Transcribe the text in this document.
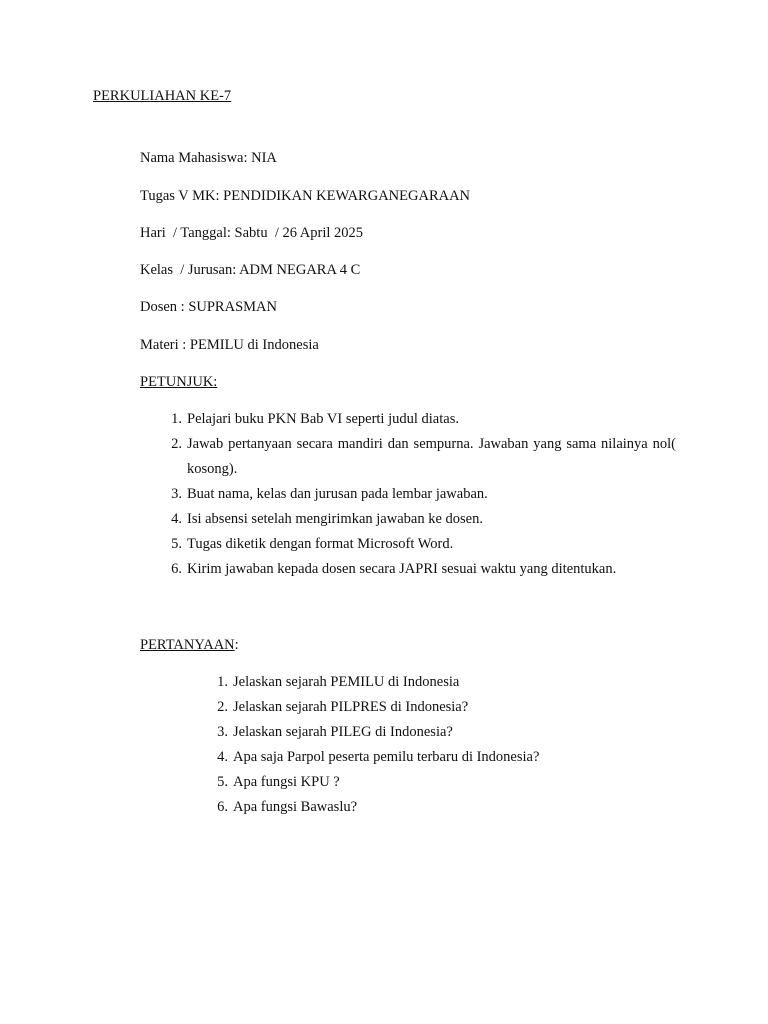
PERKULIAHAN KE-7
Nama Mahasiswa: NIA
Tugas V MK: PENDIDIKAN KEWARGANEGARAAN
Hari  / Tanggal: Sabtu  / 26 April 2025
Kelas  / Jurusan: ADM NEGARA 4 C
Dosen : SUPRASMAN
Materi : PEMILU di Indonesia
PETUNJUK:
1. Pelajari buku PKN Bab VI seperti judul diatas.
2. Jawab pertanyaan secara mandiri dan sempurna. Jawaban yang sama nilainya nol( kosong).
3. Buat nama, kelas dan jurusan pada lembar jawaban.
4. Isi absensi setelah mengirimkan jawaban ke dosen.
5. Tugas diketik dengan format Microsoft Word.
6. Kirim jawaban kepada dosen secara JAPRI sesuai waktu yang ditentukan.
PERTANYAAN:
1. Jelaskan sejarah PEMILU di Indonesia
2. Jelaskan sejarah PILPRES di Indonesia?
3. Jelaskan sejarah PILEG di Indonesia?
4. Apa saja Parpol peserta pemilu terbaru di Indonesia?
5. Apa fungsi KPU ?
6. Apa fungsi Bawaslu?
